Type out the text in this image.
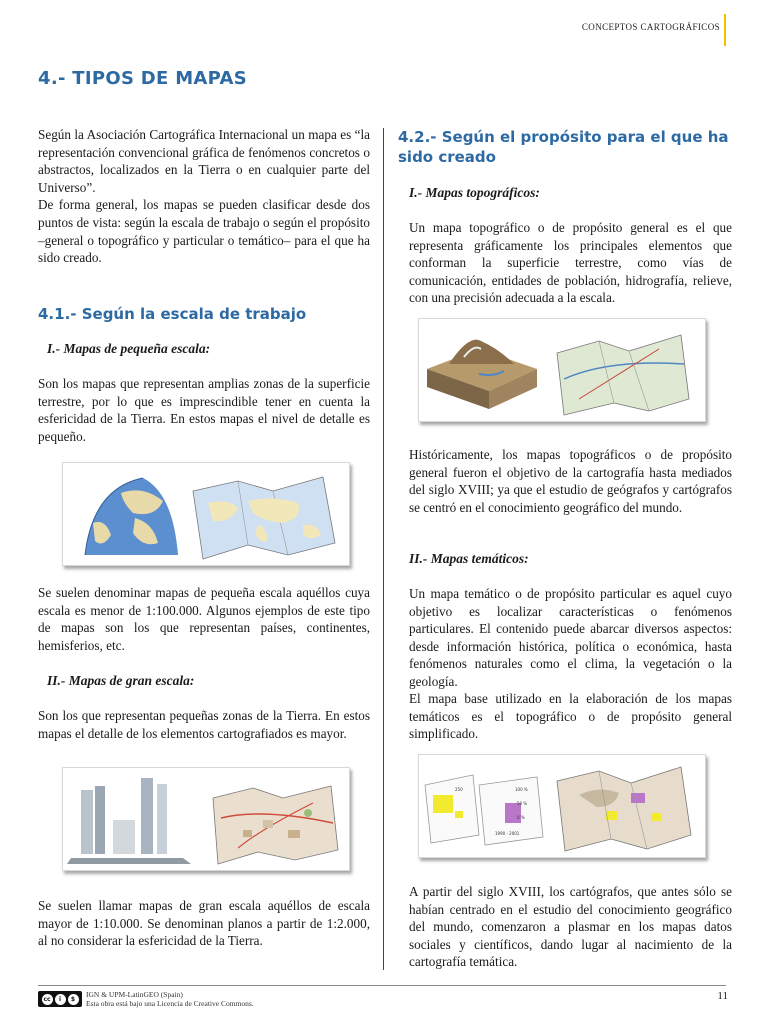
CONCEPTOS CARTOGRÁFICOS
4.- TIPOS DE MAPAS

Según la Asociación Cartográfica Internacional un mapa es “la representación convencional gráfica de fenómenos concretos o abstractos, localizados en la Tierra o en cualquier parte del Universo”.

De forma general, los mapas se pueden clasificar desde dos puntos de vista: según la escala de trabajo o según el propósito –general o topográfico y particular o temático– para el que ha sido creado.

4.1.- Según la escala de trabajo
I.- Mapas de pequeña escala:

Son los mapas que representan amplias zonas de la superficie terrestre, por lo que es imprescindible tener en cuenta la esfericidad de la Tierra. En estos mapas el nivel de detalle es pequeño.

Se suelen denominar mapas de pequeña escala aquéllos cuya escala es menor de 1:100.000. Algunos ejemplos de este tipo de mapas son los que representan países, continentes, hemisferios, etc.

II.- Mapas de gran escala:

Son los que representan pequeñas zonas de la Tierra. En estos mapas el detalle de los elementos cartografiados es mayor.

Se suelen llamar mapas de gran escala aquéllos de escala mayor de 1:10.000. Se denominan planos a partir de 1:2.000, al no considerar la esfericidad de la Tierra.

4.2.- Según el propósito para el que ha sido creado
I.- Mapas topográficos:

Un mapa topográfico o de propósito general es el que representa gráficamente los principales elementos que conforman la superficie terrestre, como vías de comunicación, entidades de población, hidrografía, relieve, con una precisión adecuada a la escala.

Históricamente, los mapas topográficos o de propósito general fueron el objetivo de la cartografía hasta mediados del siglo XVIII; ya que el estudio de geógrafos y cartógrafos se centró en el conocimiento geográfico del mundo.

II.- Mapas temáticos:

Un mapa temático o de propósito particular es aquel cuyo objetivo es localizar características o fenómenos particulares. El contenido puede abarcar diversos aspectos: desde información histórica, política o económica, hasta fenómenos naturales como el clima, la vegetación o la geología.

El mapa base utilizado en la elaboración de los mapas temáticos es el topográfico o de propósito general simplificado.

250	100 %
50 %
0 %
1990 - 2001

A partir del siglo XVIII, los cartógrafos, que antes sólo se habían centrado en el estudio del conocimiento geográfico del mundo, comenzaron a plasmar en los mapas datos sociales y científicos, dando lugar al nacimiento de la cartografía temática.

cc	i	$	IGN & UPM-LatinGEO (Spain)
Esta obra está bajo una Licencia de Creative Commons.
11
